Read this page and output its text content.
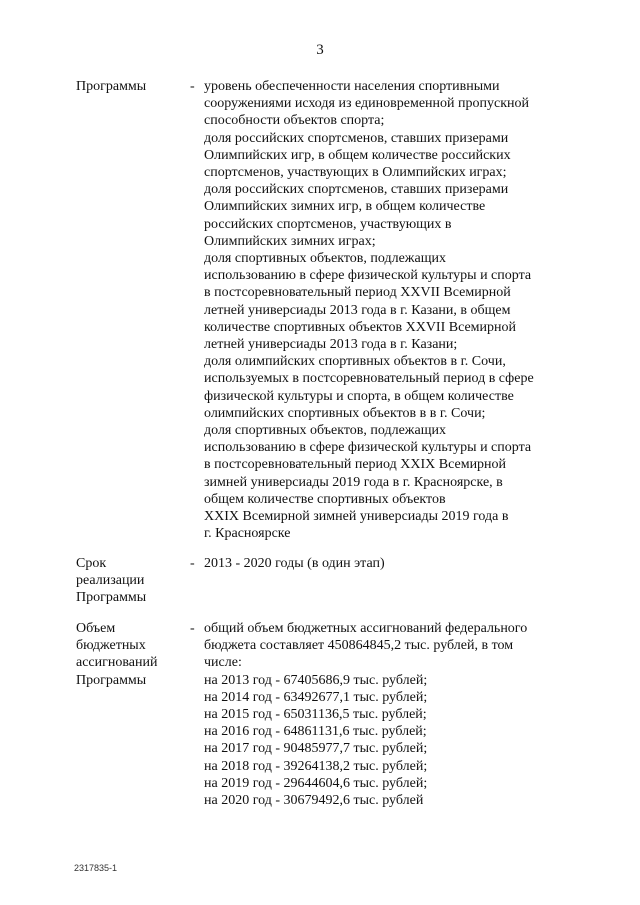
3
Программы	- уровень обеспеченности населения спортивными
сооружениями исходя из единовременной пропускной
способности объектов спорта;
доля российских спортсменов, ставших призерами
Олимпийских игр, в общем количестве российских
спортсменов, участвующих в Олимпийских играх;
доля российских спортсменов, ставших призерами
Олимпийских зимних игр, в общем количестве
российских спортсменов, участвующих в
Олимпийских зимних играх;
доля спортивных объектов, подлежащих
использованию в сфере физической культуры и спорта
в постсоревновательный период XXVII Всемирной
летней универсиады 2013 года в г. Казани, в общем
количестве спортивных объектов XXVII Всемирной
летней универсиады 2013 года в г. Казани;
доля олимпийских спортивных объектов в г. Сочи,
используемых в постсоревновательный период в сфере
физической культуры и спорта, в общем количестве
олимпийских спортивных объектов в в г. Сочи;
доля спортивных объектов, подлежащих
использованию в сфере физической культуры и спорта
в постсоревновательный период XXIX Всемирной
зимней универсиады 2019 года в г. Красноярске, в
общем количестве спортивных объектов
XXIX Всемирной зимней универсиады 2019 года в
г. Красноярске
Срок
реализации
Программы
- 2013 - 2020 годы (в один этап)
Объем
бюджетных
ассигнований
Программы
- общий объем бюджетных ассигнований федерального
бюджета составляет 450864845,2 тыс. рублей, в том
числе:
на 2013 год - 67405686,9 тыс. рублей;
на 2014 год - 63492677,1 тыс. рублей;
на 2015 год - 65031136,5 тыс. рублей;
на 2016 год - 64861131,6 тыс. рублей;
на 2017 год - 90485977,7 тыс. рублей;
на 2018 год - 39264138,2 тыс. рублей;
на 2019 год - 29644604,6 тыс. рублей;
на 2020 год - 30679492,6 тыс. рублей
2317835-1
